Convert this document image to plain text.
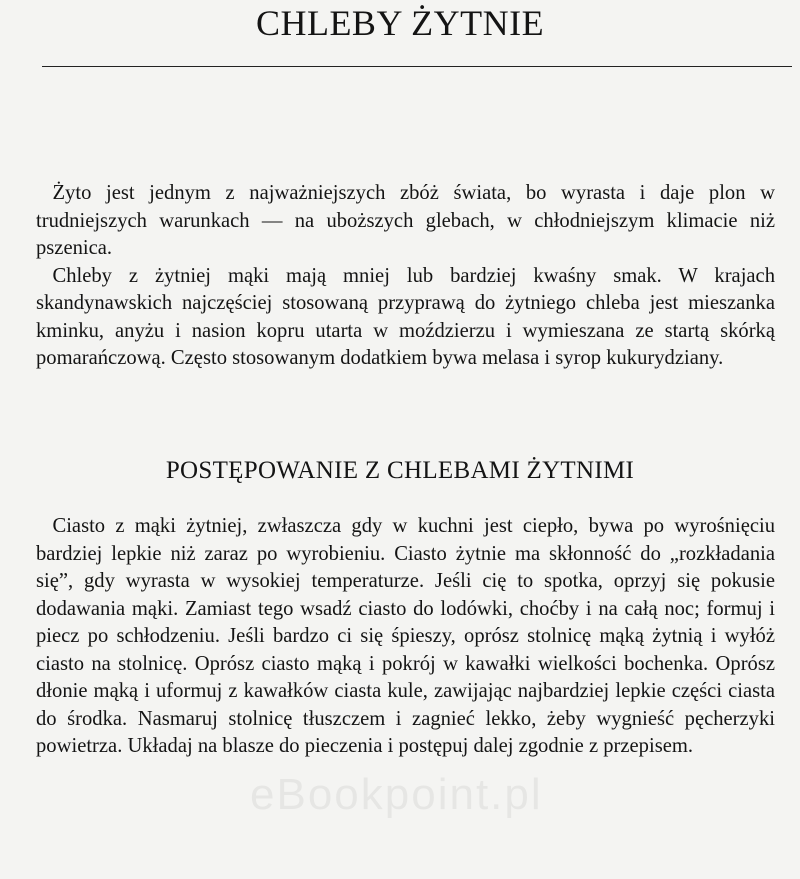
CHLEBY ŻYTNIE

Żyto jest jednym z najważniejszych zbóż świata, bo wyrasta i daje plon w trudniejszych warunkach — na uboższych glebach, w chłodniejszym klimacie niż pszenica.

Chleby z żytniej mąki mają mniej lub bardziej kwaśny smak. W krajach skandynawskich najczęściej stosowaną przyprawą do żytniego chleba jest mieszanka kminku, anyżu i nasion kopru utarta w moździerzu i wymieszana ze startą skórką pomarańczową. Często stosowanym dodatkiem bywa melasa i syrop kukurydziany.

POSTĘPOWANIE Z CHLEBAMI ŻYTNIMI

Ciasto z mąki żytniej, zwłaszcza gdy w kuchni jest ciepło, bywa po wyrośnięciu bardziej lepkie niż zaraz po wyrobieniu. Ciasto żytnie ma skłonność do „rozkładania się”, gdy wyrasta w wysokiej temperaturze. Jeśli cię to spotka, oprzyj się pokusie dodawania mąki. Zamiast tego wsadź ciasto do lodówki, choćby i na całą noc; formuj i piecz po schłodzeniu. Jeśli bardzo ci się śpieszy, oprósz stolnicę mąką żytnią i wyłóż ciasto na stolnicę. Oprósz ciasto mąką i pokrój w kawałki wielkości bochenka. Oprósz dłonie mąką i uformuj z kawałków ciasta kule, zawijając najbardziej lepkie części ciasta do środka. Nasmaruj stolnicę tłuszczem i zagnieć lekko, żeby wygnieść pęcherzyki powietrza. Układaj na blasze do pieczenia i postępuj dalej zgodnie z przepisem.

eBookpoint.pl
